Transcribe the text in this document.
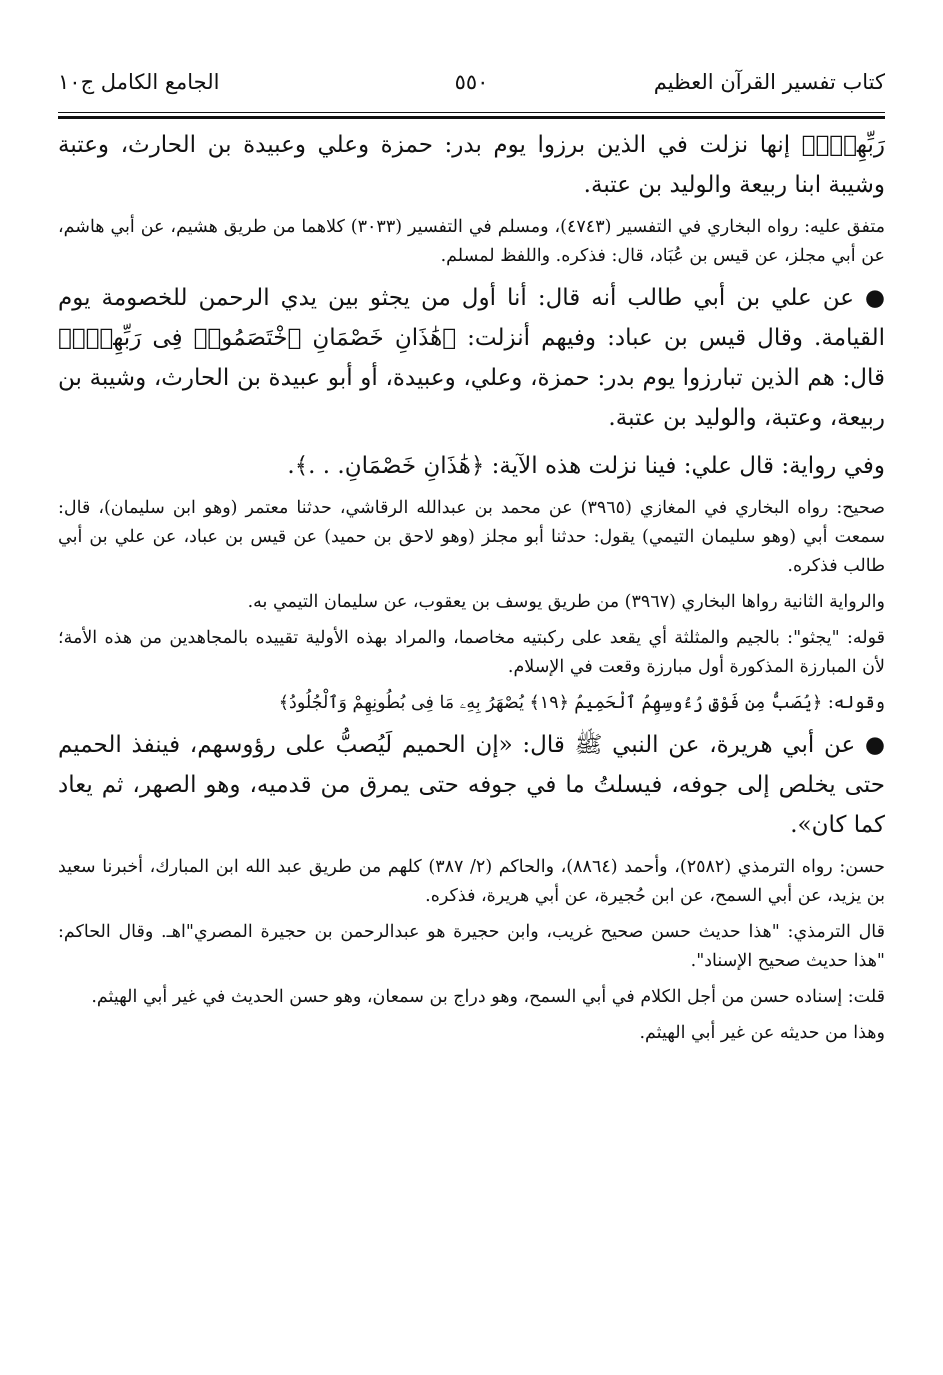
كتاب تفسير القرآن العظيم
٥٥٠
الجامع الكامل ج١٠

رَبِّهِمْۖ﴾ إنها نزلت في الذين برزوا يوم بدر: حمزة وعلي وعبيدة بن الحارث، وعتبة وشيبة ابنا ربيعة والوليد بن عتبة.

متفق عليه: رواه البخاري في التفسير (٤٧٤٣)، ومسلم في التفسير (٣٠٣٣) كلاهما من طريق هشيم، عن أبي هاشم، عن أبي مجلز، عن قيس بن عُبَاد، قال: فذكره. واللفظ لمسلم.

● عن علي بن أبي طالب أنه قال: أنا أول من يجثو بين يدي الرحمن للخصومة يوم القيامة. وقال قيس بن عباد: وفيهم أنزلت: ﴿هَٰذَانِ خَصْمَانِ ٱخْتَصَمُوا۟ فِى رَبِّهِمْۖ﴾ قال: هم الذين تبارزوا يوم بدر: حمزة، وعلي، وعبيدة، أو أبو عبيدة بن الحارث، وشيبة بن ربيعة، وعتبة، والوليد بن عتبة.

وفي رواية: قال علي: فينا نزلت هذه الآية: ﴿هَٰذَانِ خَصْمَانِ. . .﴾.

صحيح: رواه البخاري في المغازي (٣٩٦٥) عن محمد بن عبدالله الرقاشي، حدثنا معتمر (وهو ابن سليمان)، قال: سمعت أبي (وهو سليمان التيمي) يقول: حدثنا أبو مجلز (وهو لاحق بن حميد) عن قيس بن عباد، عن علي بن أبي طالب فذكره.

والرواية الثانية رواها البخاري (٣٩٦٧) من طريق يوسف بن يعقوب، عن سليمان التيمي به.

قوله: "يجثو": بالجيم والمثلثة أي يقعد على ركبتيه مخاصما، والمراد بهذه الأولية تقييده بالمجاهدين من هذه الأمة؛ لأن المبارزة المذكورة أول مبارزة وقعت في الإسلام.

وقوله: ﴿يُصَبُّ مِن فَوْقِ رُءُوسِهِمُ ٱلْحَمِيمُ ﴿١٩﴾ يُصْهَرُ بِهِۦ مَا فِى بُطُونِهِمْ وَٱلْجُلُودُ﴾

● عن أبي هريرة، عن النبي ﷺ قال: «إن الحميم لَيُصبُّ على رؤوسهم، فينفذ الحميم حتى يخلص إلى جوفه، فيسلتُ ما في جوفه حتى يمرق من قدميه، وهو الصهر، ثم يعاد كما كان».

حسن: رواه الترمذي (٢٥٨٢)، وأحمد (٨٨٦٤)، والحاكم (٢/ ٣٨٧) كلهم من طريق عبد الله ابن المبارك، أخبرنا سعيد بن يزيد، عن أبي السمح، عن ابن حُجيرة، عن أبي هريرة، فذكره.

قال الترمذي: "هذا حديث حسن صحيح غريب، وابن حجيرة هو عبدالرحمن بن حجيرة المصري"اهـ. وقال الحاكم: "هذا حديث صحيح الإسناد".

قلت: إسناده حسن من أجل الكلام في أبي السمح، وهو دراج بن سمعان، وهو حسن الحديث في غير أبي الهيثم.

وهذا من حديثه عن غير أبي الهيثم.
